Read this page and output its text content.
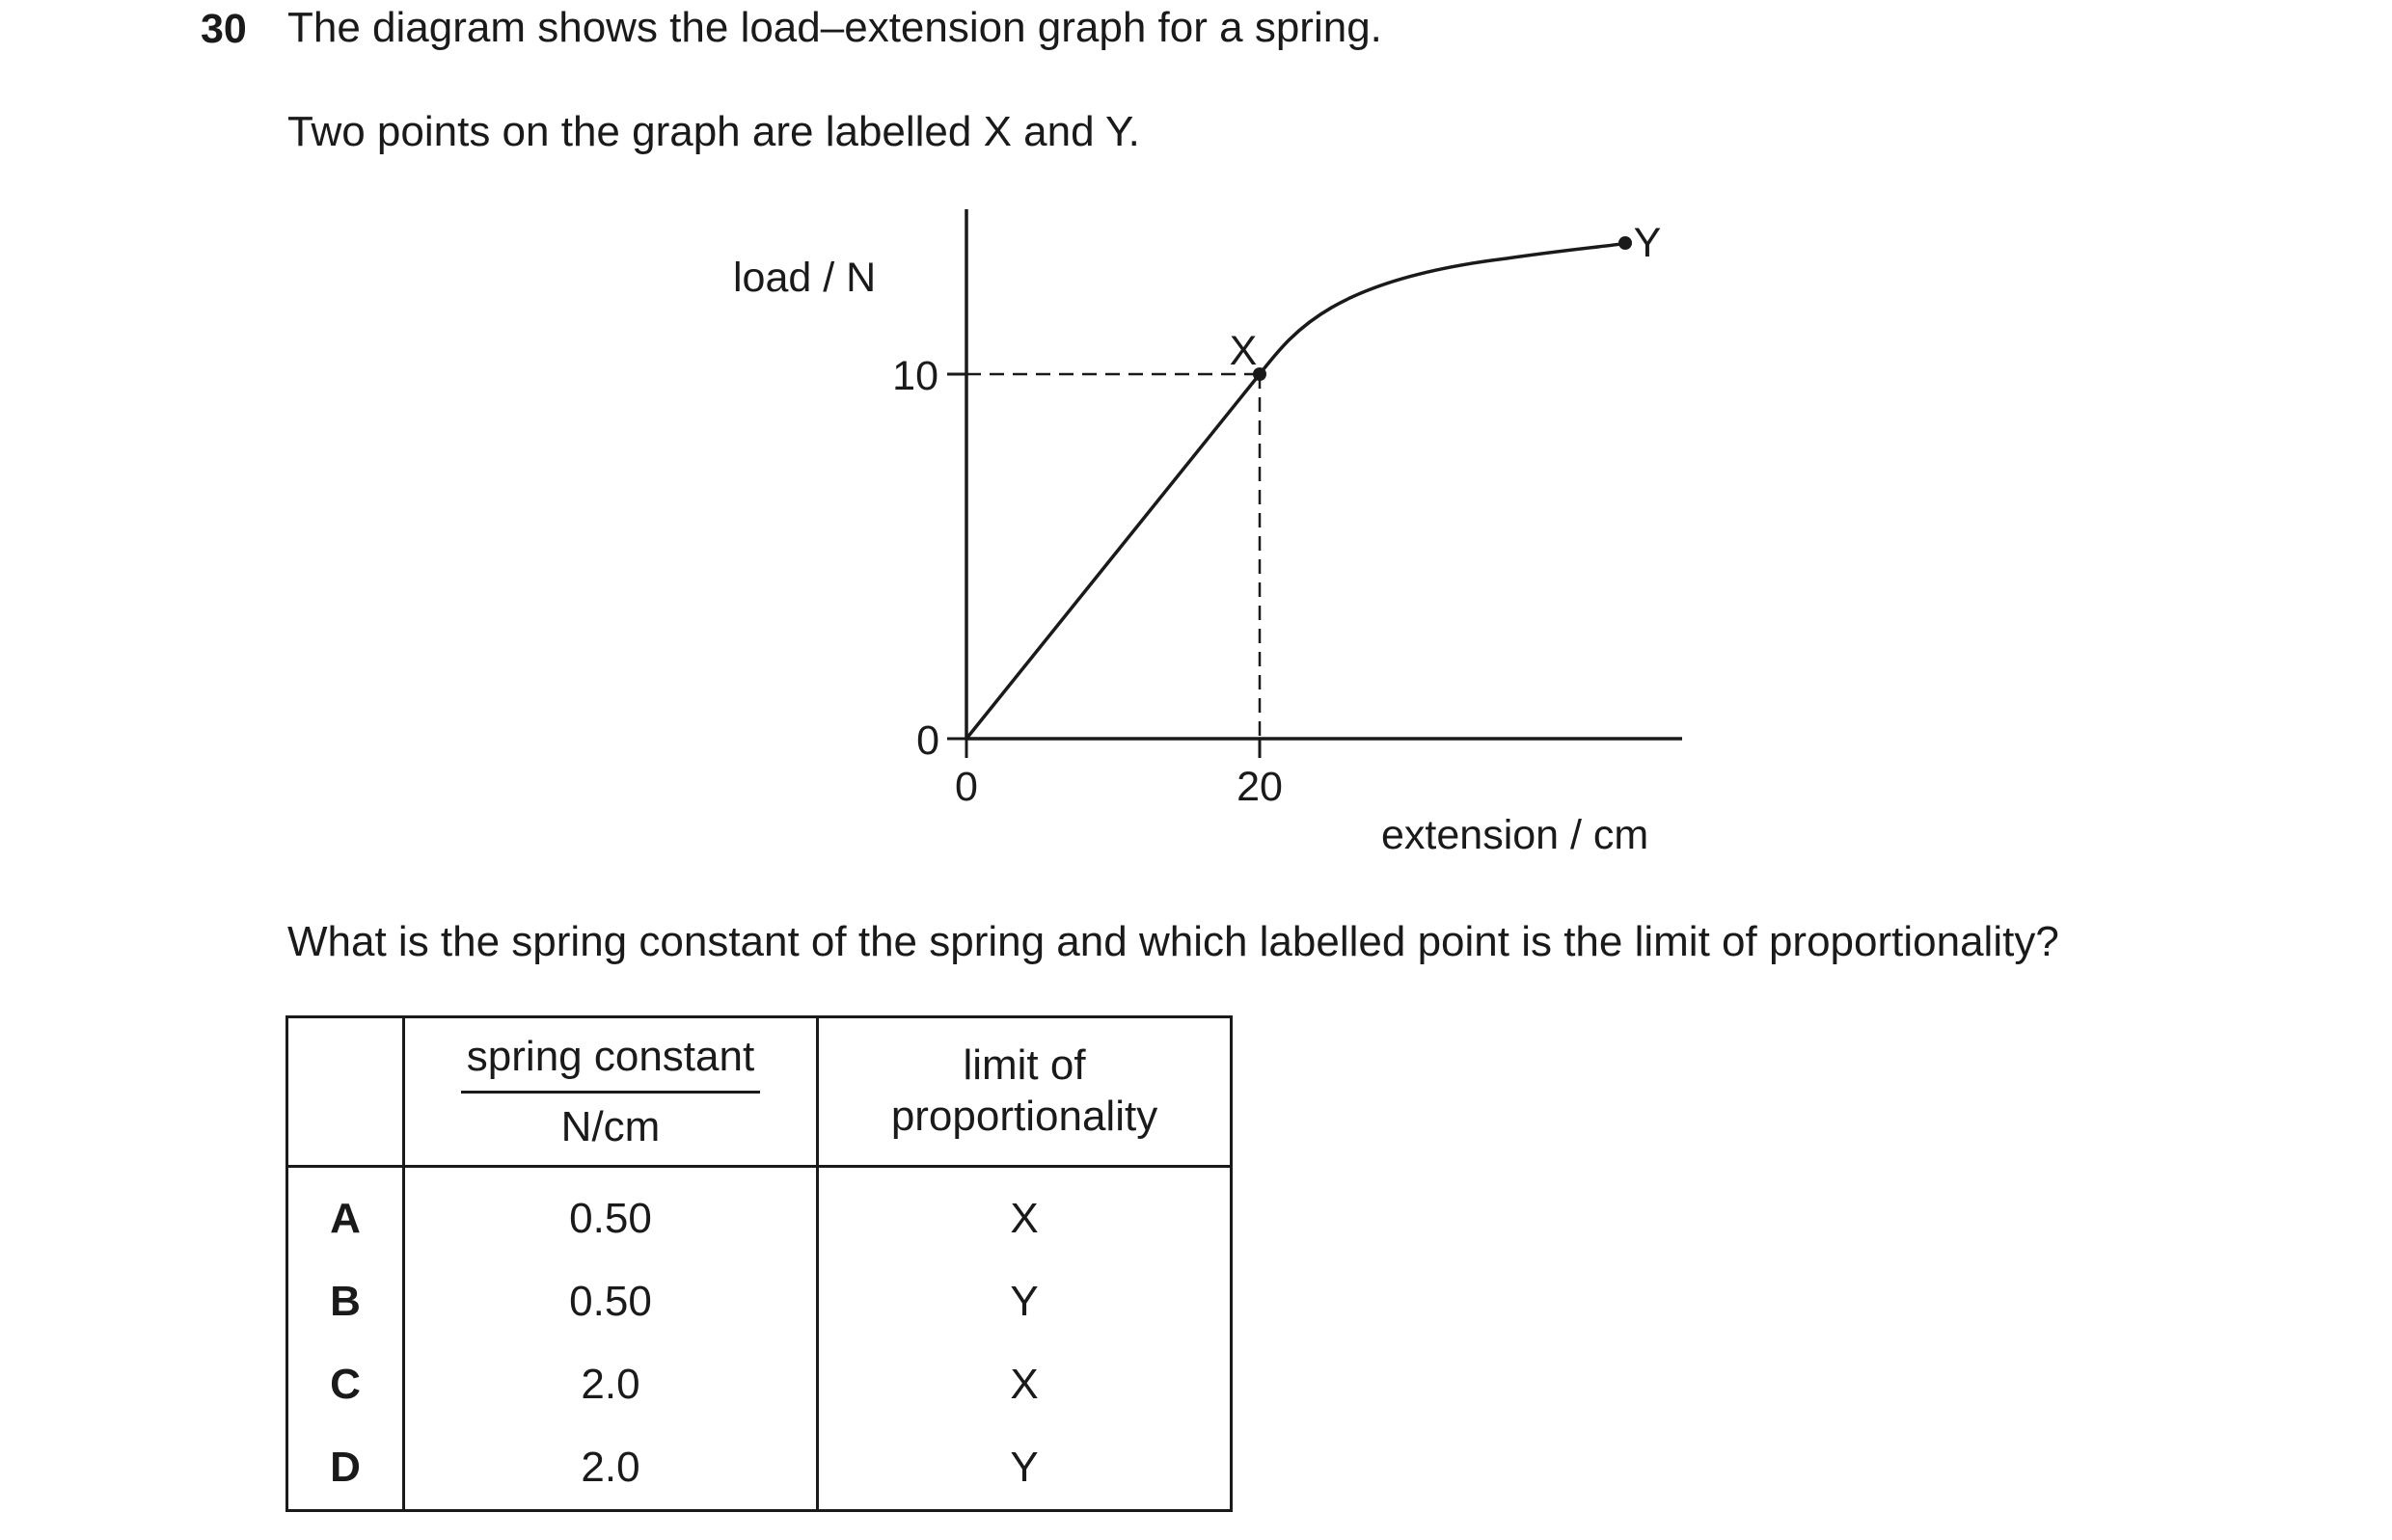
30 The diagram shows the load–extension graph for a spring.
Two points on the graph are labelled X and Y.
load / N
extension / cm
10
0
0	20
X
Y
What is the spring constant of the spring and which labelled point is the limit of proportionality?

	$\frac{\text{spring constant}}{N/cm}$	limit of
proportionality
A	0.50	X
B	0.50	Y
C	2.0	X
D	2.0	Y
